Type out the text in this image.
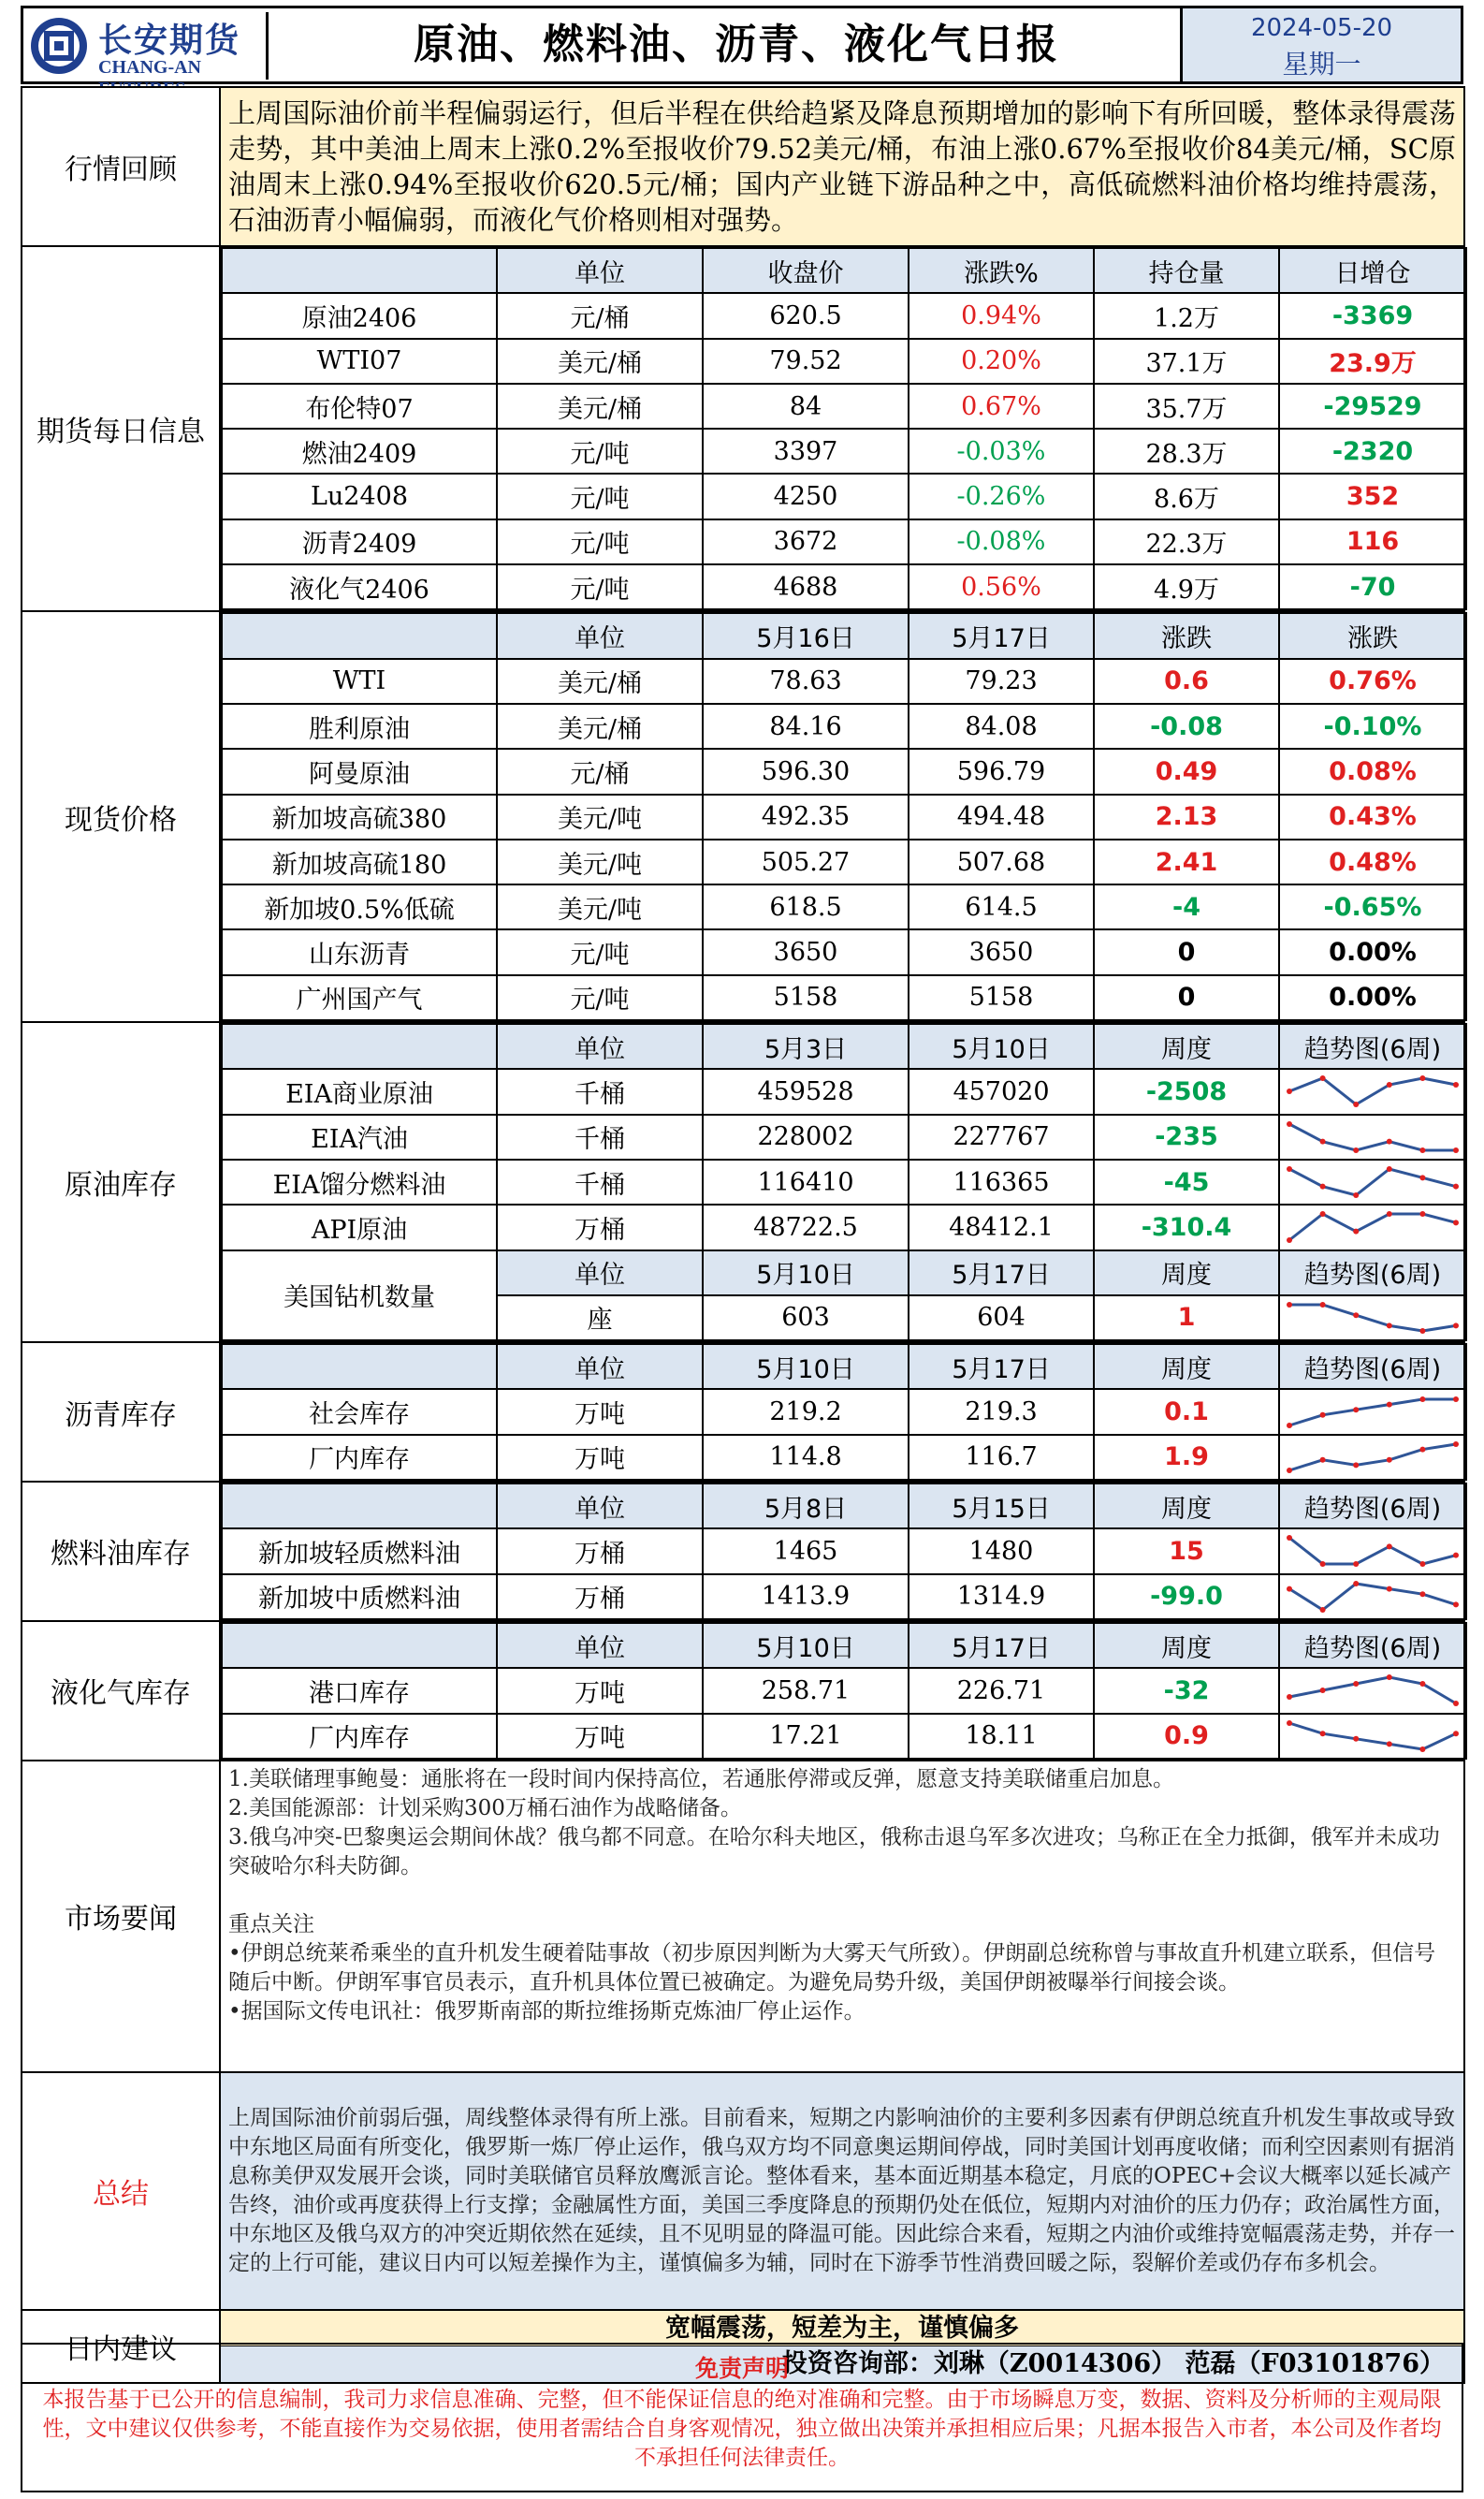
长安期货
CHANG-AN	原油、燃料油、沥青、液化气日报	2024-05-20
星期一
行情回顾	
上周国际油价前半程偏弱运行，但后半程在供给趋紧及降息预期增加的影响下有所回暖，整体录得震荡走势，其中美油上周末上涨0.2%至报收价79.52美元/桶，布油上涨0.67%至报收价84美元/桶，SC原油周末上涨0.94%至报收价620.5元/桶；国内产业链下游品种之中，高低硫燃料油价格均维持震荡，石油沥青小幅偏弱，而液化气价格则相对强势。

期货每日信息	
	单位	收盘价	涨跌%	持仓量	日增仓
原油2406	元/桶	620.5	0.94%	1.2万	-3369
WTI07	美元/桶	79.52	0.20%	37.1万	23.9万
布伦特07	美元/桶	84	0.67%	35.7万	-29529
燃油2409	元/吨	3397	-0.03%	28.3万	-2320
Lu2408	元/吨	4250	-0.26%	8.6万	352
沥青2409	元/吨	3672	-0.08%	22.3万	116
液化气2406	元/吨	4688	0.56%	4.9万	-70

现货价格	
	单位	5月16日	5月17日	涨跌	涨跌
WTI	美元/桶	78.63	79.23	0.6	0.76%
胜利原油	美元/桶	84.16	84.08	-0.08	-0.10%
阿曼原油	元/桶	596.30	596.79	0.49	0.08%
新加坡高硫380	美元/吨	492.35	494.48	2.13	0.43%
新加坡高硫180	美元/吨	505.27	507.68	2.41	0.48%
新加坡0.5%低硫	美元/吨	618.5	614.5	-4	-0.65%
山东沥青	元/吨	3650	3650	0	0.00%
广州国产气	元/吨	5158	5158	0	0.00%

原油库存	
	单位	5月3日	5月10日	周度	趋势图(6周)
EIA商业原油	千桶	459528	457020	-2508	

EIA汽油	千桶	228002	227767	-235	

EIA馏分燃料油	千桶	116410	116365	-45	

API原油	万桶	48722.5	48412.1	-310.4	

美国钻机数量	单位	5月10日	5月17日	周度	趋势图(6周)
座	603	604	1	

沥青库存	
	单位	5月10日	5月17日	周度	趋势图(6周)
社会库存	万吨	219.2	219.3	0.1	

厂内库存	万吨	114.8	116.7	1.9	

燃料油库存	
	单位	5月8日	5月15日	周度	趋势图(6周)
新加坡轻质燃料油	万桶	1465	1480	15	

新加坡中质燃料油	万桶	1413.9	1314.9	-99.0	

液化气库存	
	单位	5月10日	5月17日	周度	趋势图(6周)
港口库存	万吨	258.71	226.71	-32	

厂内库存	万吨	17.21	18.11	0.9	

市场要闻	
1.美联储理事鲍曼：通胀将在一段时间内保持高位，若通胀停滞或反弹，愿意支持美联储重启加息。
2.美国能源部：计划采购300万桶石油作为战略储备。
3.俄乌冲突-巴黎奥运会期间休战？俄乌都不同意。在哈尔科夫地区，俄称击退乌军多次进攻；乌称正在全力抵御，俄军并未成功突破哈尔科夫防御。
重点关注
•伊朗总统莱希乘坐的直升机发生硬着陆事故（初步原因判断为大雾天气所致）。伊朗副总统称曾与事故直升机建立联系，但信号随后中断。伊朗军事官员表示，直升机具体位置已被确定。为避免局势升级，美国伊朗被曝举行间接会谈。
•据国际文传电讯社：俄罗斯南部的斯拉维扬斯克炼油厂停止运作。

总结	
上周国际油价前弱后强，周线整体录得有所上涨。目前看来，短期之内影响油价的主要利多因素有伊朗总统直升机发生事故或导致中东地区局面有所变化，俄罗斯一炼厂停止运作，俄乌双方均不同意奥运期间停战，同时美国计划再度收储；而利空因素则有据消息称美伊双发展开会谈，同时美联储官员释放鹰派言论。整体看来，基本面近期基本稳定，月底的OPEC+会议大概率以延长减产告终，油价或再度获得上行支撑；金融属性方面，美国三季度降息的预期仍处在低位，短期内对油价的压力仍存；政治属性方面，中东地区及俄乌双方的冲突近期依然在延续，且不见明显的降温可能。因此综合来看，短期之内油价或维持宽幅震荡走势，并存一定的上行可能，建议日内可以短差操作为主，谨慎偏多为辅，同时在下游季节性消费回暖之际，裂解价差或仍存布多机会。

日内建议	
宽幅震荡，短差为主，谨慎偏多
投资咨询部：刘琳（Z0014306） 范磊（F03101876）
免责声明
本报告基于已公开的信息编制，我司力求信息准确、完整，但不能保证信息的绝对准确和完整。由于市场瞬息万变，数据、资料及分析师的主观局限性，文中建议仅供参考，不能直接作为交易依据，使用者需结合自身客观情况，独立做出决策并承担相应后果；凡据本报告入市者，本公司及作者均不承担任何法律责任。
